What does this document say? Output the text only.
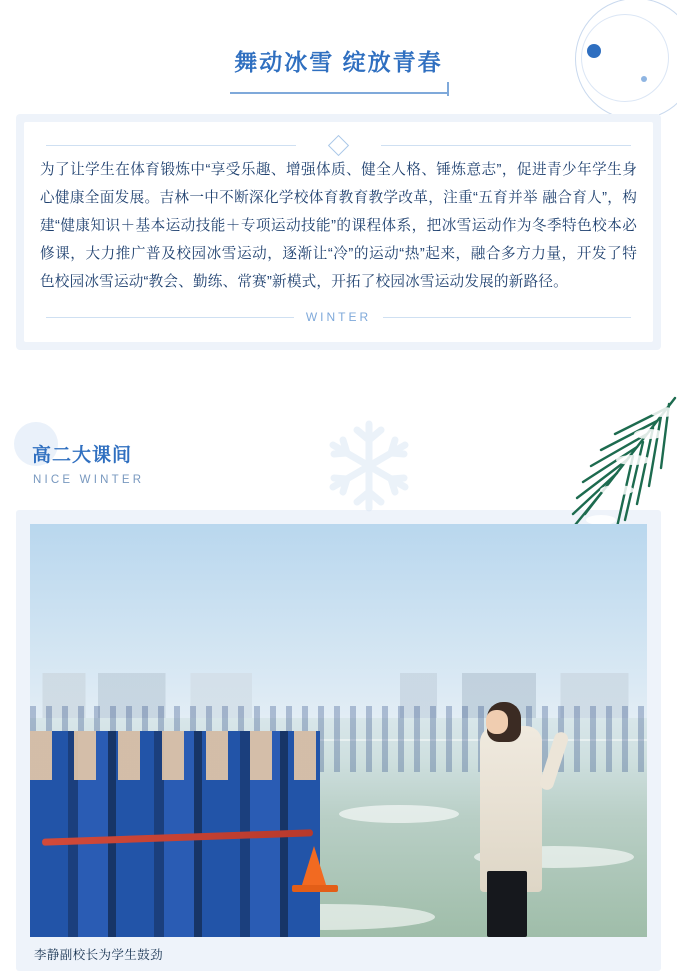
舞动冰雪 绽放青春
为了让学生在体育锻炼中“享受乐趣、增强体质、健全人格、锤炼意志”，促进青少年学生身心健康全面发展。吉林一中不断深化学校体育教育教学改革，注重“五育并举 融合育人”，构建“健康知识＋基本运动技能＋专项运动技能”的课程体系，把冰雪运动作为冬季特色校本必修课，大力推广普及校园冰雪运动，逐渐让“冷”的运动“热”起来，融合多方力量，开发了特色校园冰雪运动“教会、勤练、常赛”新模式，开拓了校园冰雪运动发展的新路径。
WINTER
高二大课间
NICE WINTER
李静副校长为学生鼓劲
